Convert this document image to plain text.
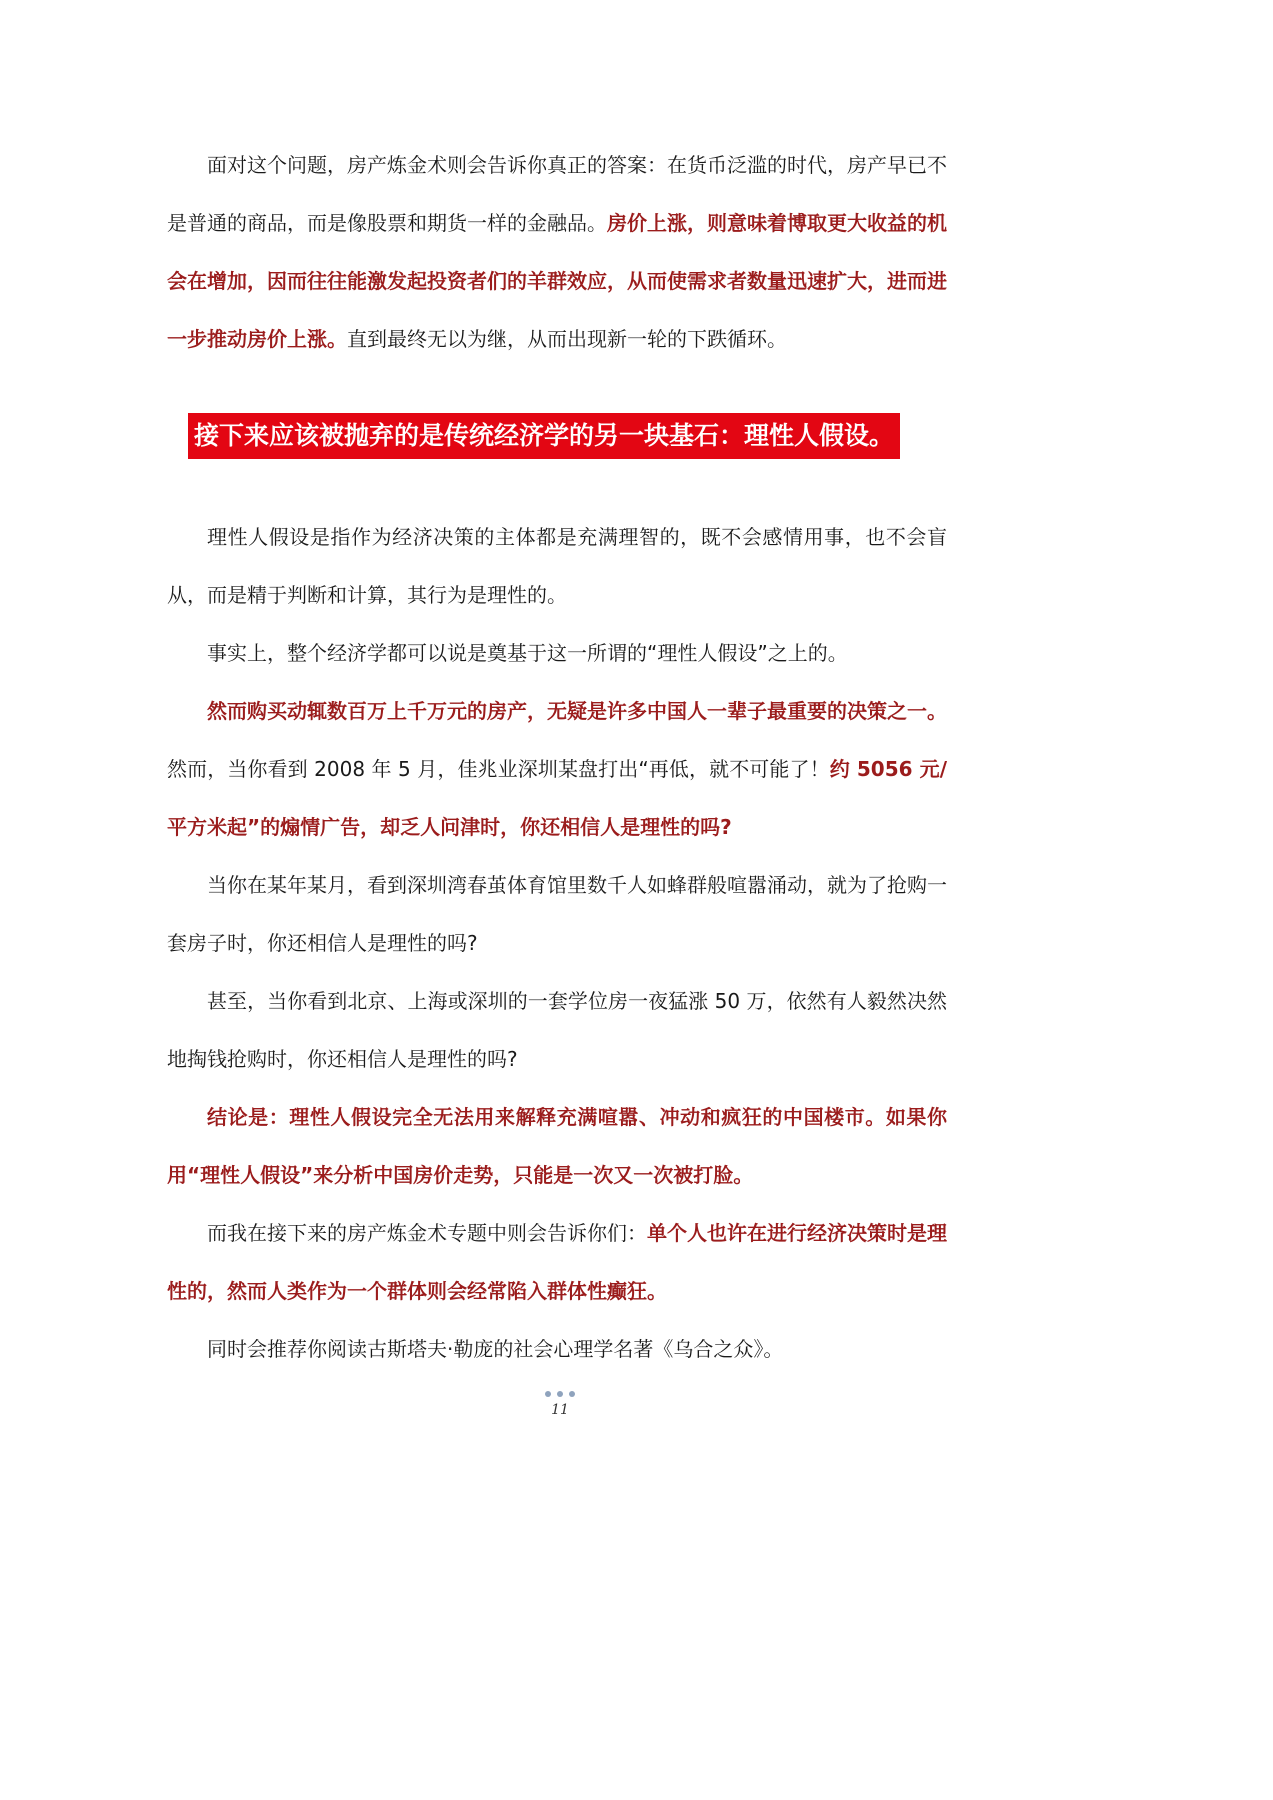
面对这个问题，房产炼金术则会告诉你真正的答案：在货币泛滥的时代，房产早已不是普通的商品，而是像股票和期货一样的金融品。房价上涨，则意味着博取更大收益的机会在增加，因而往往能激发起投资者们的羊群效应，从而使需求者数量迅速扩大，进而进一步推动房价上涨。直到最终无以为继，从而出现新一轮的下跌循环。

接下来应该被抛弃的是传统经济学的另一块基石：理性人假设。

理性人假设是指作为经济决策的主体都是充满理智的，既不会感情用事，也不会盲从，而是精于判断和计算，其行为是理性的。

事实上，整个经济学都可以说是奠基于这一所谓的“理性人假设”之上的。

然而购买动辄数百万上千万元的房产，无疑是许多中国人一辈子最重要的决策之一。

然而，当你看到 2008 年 5 月，佳兆业深圳某盘打出“再低，就不可能了！约 5056 元/平方米起”的煽情广告，却乏人问津时，你还相信人是理性的吗?

当你在某年某月，看到深圳湾春茧体育馆里数千人如蜂群般喧嚣涌动，就为了抢购一套房子时，你还相信人是理性的吗?

甚至，当你看到北京、上海或深圳的一套学位房一夜猛涨 50 万，依然有人毅然决然地掏钱抢购时，你还相信人是理性的吗?

结论是：理性人假设完全无法用来解释充满喧嚣、冲动和疯狂的中国楼市。如果你用“理性人假设”来分析中国房价走势，只能是一次又一次被打脸。

而我在接下来的房产炼金术专题中则会告诉你们：单个人也许在进行经济决策时是理性的，然而人类作为一个群体则会经常陷入群体性癫狂。

同时会推荐你阅读古斯塔夫·勒庞的社会心理学名著《乌合之众》。

11
